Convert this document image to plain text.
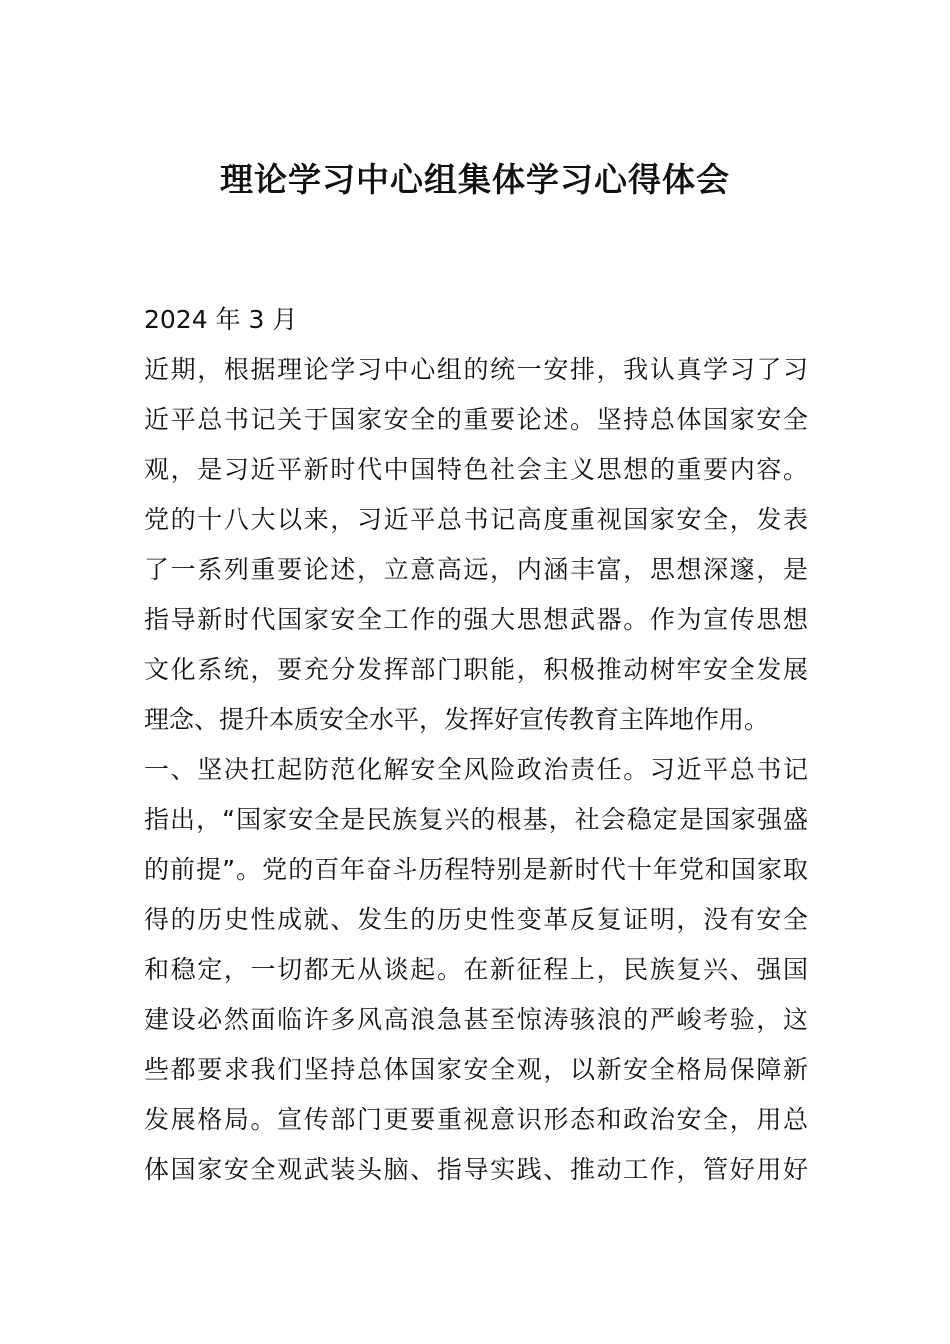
理论学习中心组集体学习心得体会

2024 年 3 月

近期，根据理论学习中心组的统一安排，我认真学习了习

近平总书记关于国家安全的重要论述。坚持总体国家安全

观，是习近平新时代中国特色社会主义思想的重要内容。

党的十八大以来，习近平总书记高度重视国家安全，发表

了一系列重要论述，立意高远，内涵丰富，思想深邃，是

指导新时代国家安全工作的强大思想武器。作为宣传思想

文化系统，要充分发挥部门职能，积极推动树牢安全发展

理念、提升本质安全水平，发挥好宣传教育主阵地作用。

一、坚决扛起防范化解安全风险政治责任。习近平总书记

指出，“国家安全是民族复兴的根基，社会稳定是国家强盛

的前提”。党的百年奋斗历程特别是新时代十年党和国家取

得的历史性成就、发生的历史性变革反复证明，没有安全

和稳定，一切都无从谈起。在新征程上，民族复兴、强国

建设必然面临许多风高浪急甚至惊涛骇浪的严峻考验，这

些都要求我们坚持总体国家安全观，以新安全格局保障新

发展格局。宣传部门更要重视意识形态和政治安全，用总

体国家安全观武装头脑、指导实践、推动工作，管好用好
